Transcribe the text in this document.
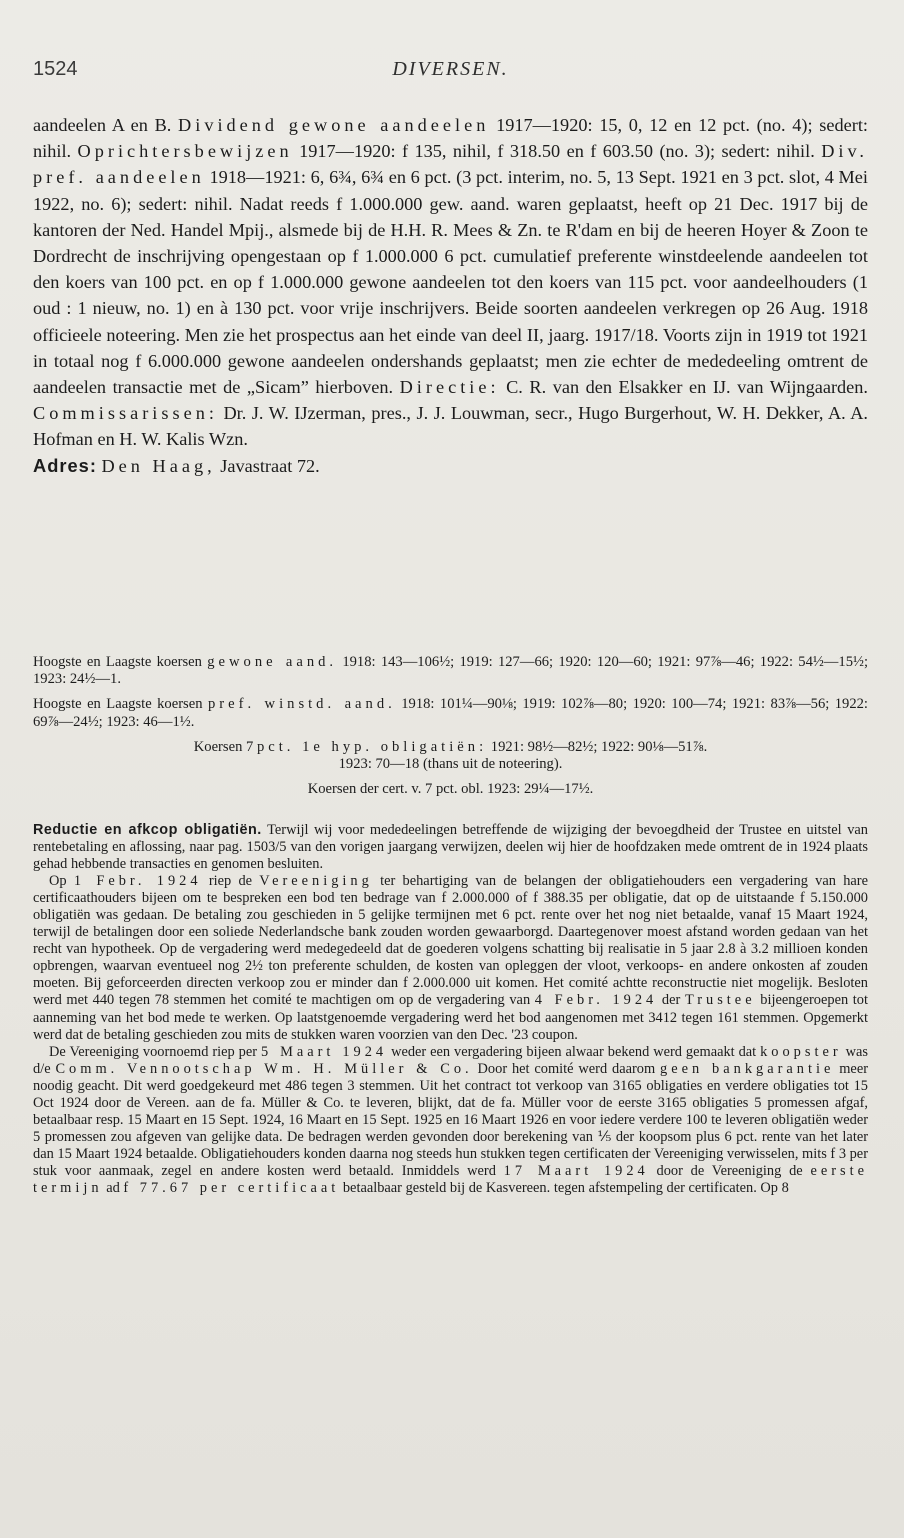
1524	DIVERSEN.
aandeelen A en B. Dividend gewone aandeelen 1917—1920: 15, 0, 12 en 12 pct. (no. 4); sedert: nihil. Oprichtersbewijzen 1917—1920: f 135, nihil, f 318.50 en f 603.50 (no. 3); sedert: nihil. Div. pref. aandeelen 1918—1921: 6, 6¾, 6¾ en 6 pct. (3 pct. interim, no. 5, 13 Sept. 1921 en 3 pct. slot, 4 Mei 1922, no. 6); sedert: nihil. Nadat reeds f 1.000.000 gew. aand. waren geplaatst, heeft op 21 Dec. 1917 bij de kantoren der Ned. Handel Mpij., alsmede bij de H.H. R. Mees & Zn. te R'dam en bij de heeren Hoyer & Zoon te Dordrecht de inschrijving opengestaan op f 1.000.000 6 pct. cumulatief preferente winstdeelende aandeelen tot den koers van 100 pct. en op f 1.000.000 gewone aandeelen tot den koers van 115 pct. voor aandeelhouders (1 oud : 1 nieuw, no. 1) en à 130 pct. voor vrije inschrijvers. Beide soorten aandeelen verkregen op 26 Aug. 1918 officieele noteering. Men zie het prospectus aan het einde van deel II, jaarg. 1917/18. Voorts zijn in 1919 tot 1921 in totaal nog f 6.000.000 gewone aandeelen ondershands geplaatst; men zie echter de mededeeling omtrent de aandeelen transactie met de „Sicam” hierboven. Directie: C. R. van den Elsakker en IJ. van Wijngaarden. Commissarissen: Dr. J. W. IJzerman, pres., J. J. Louwman, secr., Hugo Burgerhout, W. H. Dekker, A. A. Hofman en H. W. Kalis Wzn.
Adres: Den Haag, Javastraat 72.
Hoogste en Laagste koersen gewone aand. 1918: 143—106½; 1919: 127—66; 1920: 120—60; 1921: 97⅞—46; 1922: 54½—15½; 1923: 24½—1.
Hoogste en Laagste koersen pref. winstd. aand. 1918: 101¼—90⅛; 1919: 102⅞—80; 1920: 100—74; 1921: 83⅞—56; 1922: 69⅞—24½; 1923: 46—1½.
Koersen 7 pct. 1e hyp. obligatiën: 1921: 98½—82½; 1922: 90⅛—51⅞.
1923: 70—18 (thans uit de noteering).
Koersen der cert. v. 7 pct. obl. 1923: 29¼—17½.

Reductie en afkcop obligatiën. Terwijl wij voor mededeelingen betreffende de wijziging der bevoegdheid der Trustee en uitstel van rentebetaling en aflossing, naar pag. 1503/5 van den vorigen jaargang verwijzen, deelen wij hier de hoofdzaken mede omtrent de in 1924 plaats gehad hebbende transacties en genomen besluiten.

Op 1 Febr. 1924 riep de Vereeniging ter behartiging van de belangen der obligatiehouders een vergadering van hare certificaathouders bijeen om te bespreken een bod ten bedrage van f 2.000.000 of f 388.35 per obligatie, dat op de uitstaande f 5.150.000 obligatiën was gedaan. De betaling zou geschieden in 5 gelijke termijnen met 6 pct. rente over het nog niet betaalde, vanaf 15 Maart 1924, terwijl de betalingen door een soliede Nederlandsche bank zouden worden gewaarborgd. Daartegenover moest afstand worden gedaan van het recht van hypotheek. Op de vergadering werd medegedeeld dat de goederen volgens schatting bij realisatie in 5 jaar 2.8 à 3.2 millioen konden opbrengen, waarvan eventueel nog 2½ ton preferente schulden, de kosten van opleggen der vloot, verkoops- en andere onkosten af zouden moeten. Bij geforceerden directen verkoop zou er minder dan f 2.000.000 uit komen. Het comité achtte reconstructie niet mogelijk. Besloten werd met 440 tegen 78 stemmen het comité te machtigen om op de vergadering van 4 Febr. 1924 der Trustee bijeengeroepen tot aanneming van het bod mede te werken. Op laatstgenoemde vergadering werd het bod aangenomen met 3412 tegen 161 stemmen. Opgemerkt werd dat de betaling geschieden zou mits de stukken waren voorzien van den Dec. '23 coupon.

De Vereeniging voornoemd riep per 5 Maart 1924 weder een vergadering bijeen alwaar bekend werd gemaakt dat koopster was d/e Comm. Vennootschap Wm. H. Müller & Co. Door het comité werd daarom geen bankgarantie meer noodig geacht. Dit werd goedgekeurd met 486 tegen 3 stemmen. Uit het contract tot verkoop van 3165 obligaties en verdere obligaties tot 15 Oct 1924 door de Vereen. aan de fa. Müller & Co. te leveren, blijkt, dat de fa. Müller voor de eerste 3165 obligaties 5 promessen afgaf, betaalbaar resp. 15 Maart en 15 Sept. 1924, 16 Maart en 15 Sept. 1925 en 16 Maart 1926 en voor iedere verdere 100 te leveren obligatiën weder 5 promessen zou afgeven van gelijke data. De bedragen werden gevonden door berekening van ⅕ der koopsom plus 6 pct. rente van het later dan 15 Maart 1924 betaalde. Obligatiehouders konden daarna nog steeds hun stukken tegen certificaten der Vereeniging verwisselen, mits f 3 per stuk voor aanmaak, zegel en andere kosten werd betaald. Inmiddels werd 17 Maart 1924 door de Vereeniging de eerste termijn ad f 77.67 per certificaat betaalbaar gesteld bij de Kasvereen. tegen afstempeling der certificaten. Op 8
